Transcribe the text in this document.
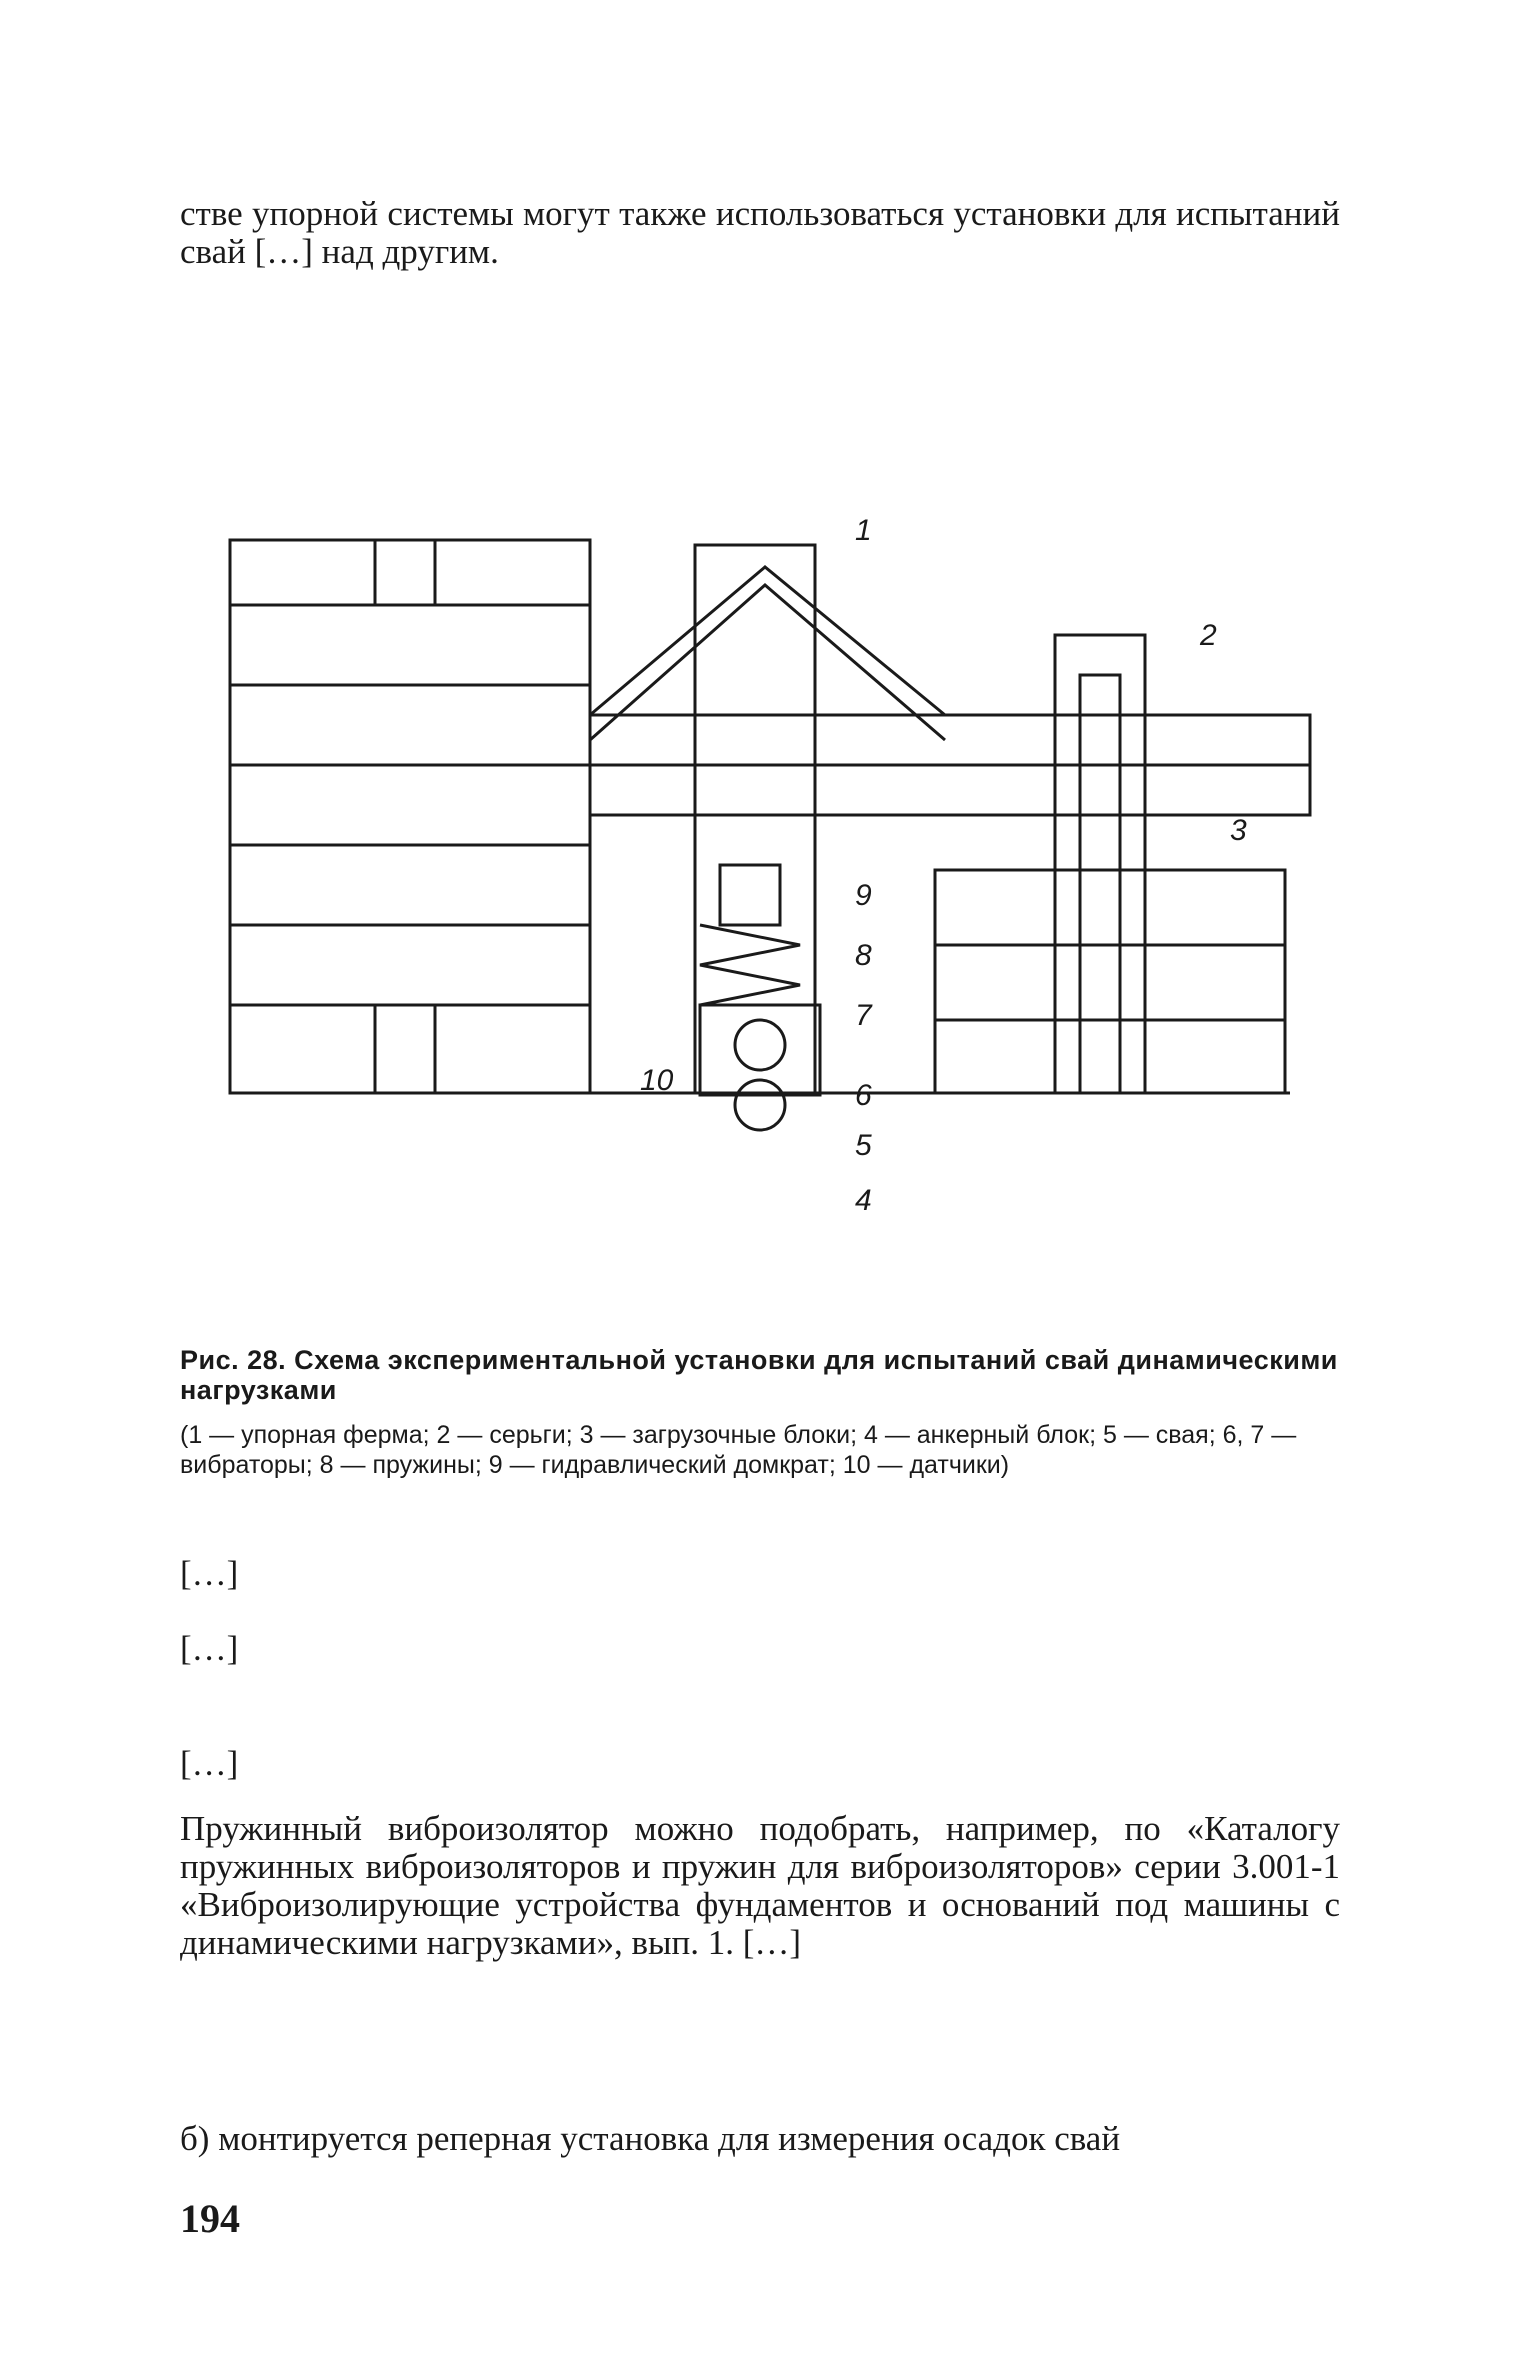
стве упорной системы могут также использоваться установки для испытаний свай […] над другим.
1
2
3
9
8
7
6
10
5
4
Рис. 28. Схема экспериментальной установки для испытаний свай динамическими нагрузками
(1 — упорная ферма; 2 — серьги; 3 — загрузочные блоки; 4 — анкерный блок; 5 — свая; 6, 7 — вибраторы; 8 — пружины; 9 — гидравлический домкрат; 10 — датчики)
[…]
[…]
[…]
Пружинный виброизолятор можно подобрать, например, по «Каталогу пружинных виброизоляторов и пружин для виброизоляторов» серии 3.001-1 «Виброизолирующие устройства фундаментов и оснований под машины с динамическими нагрузками», вып. 1. […]
б) монтируется реперная установка для измерения осадок свай
194
